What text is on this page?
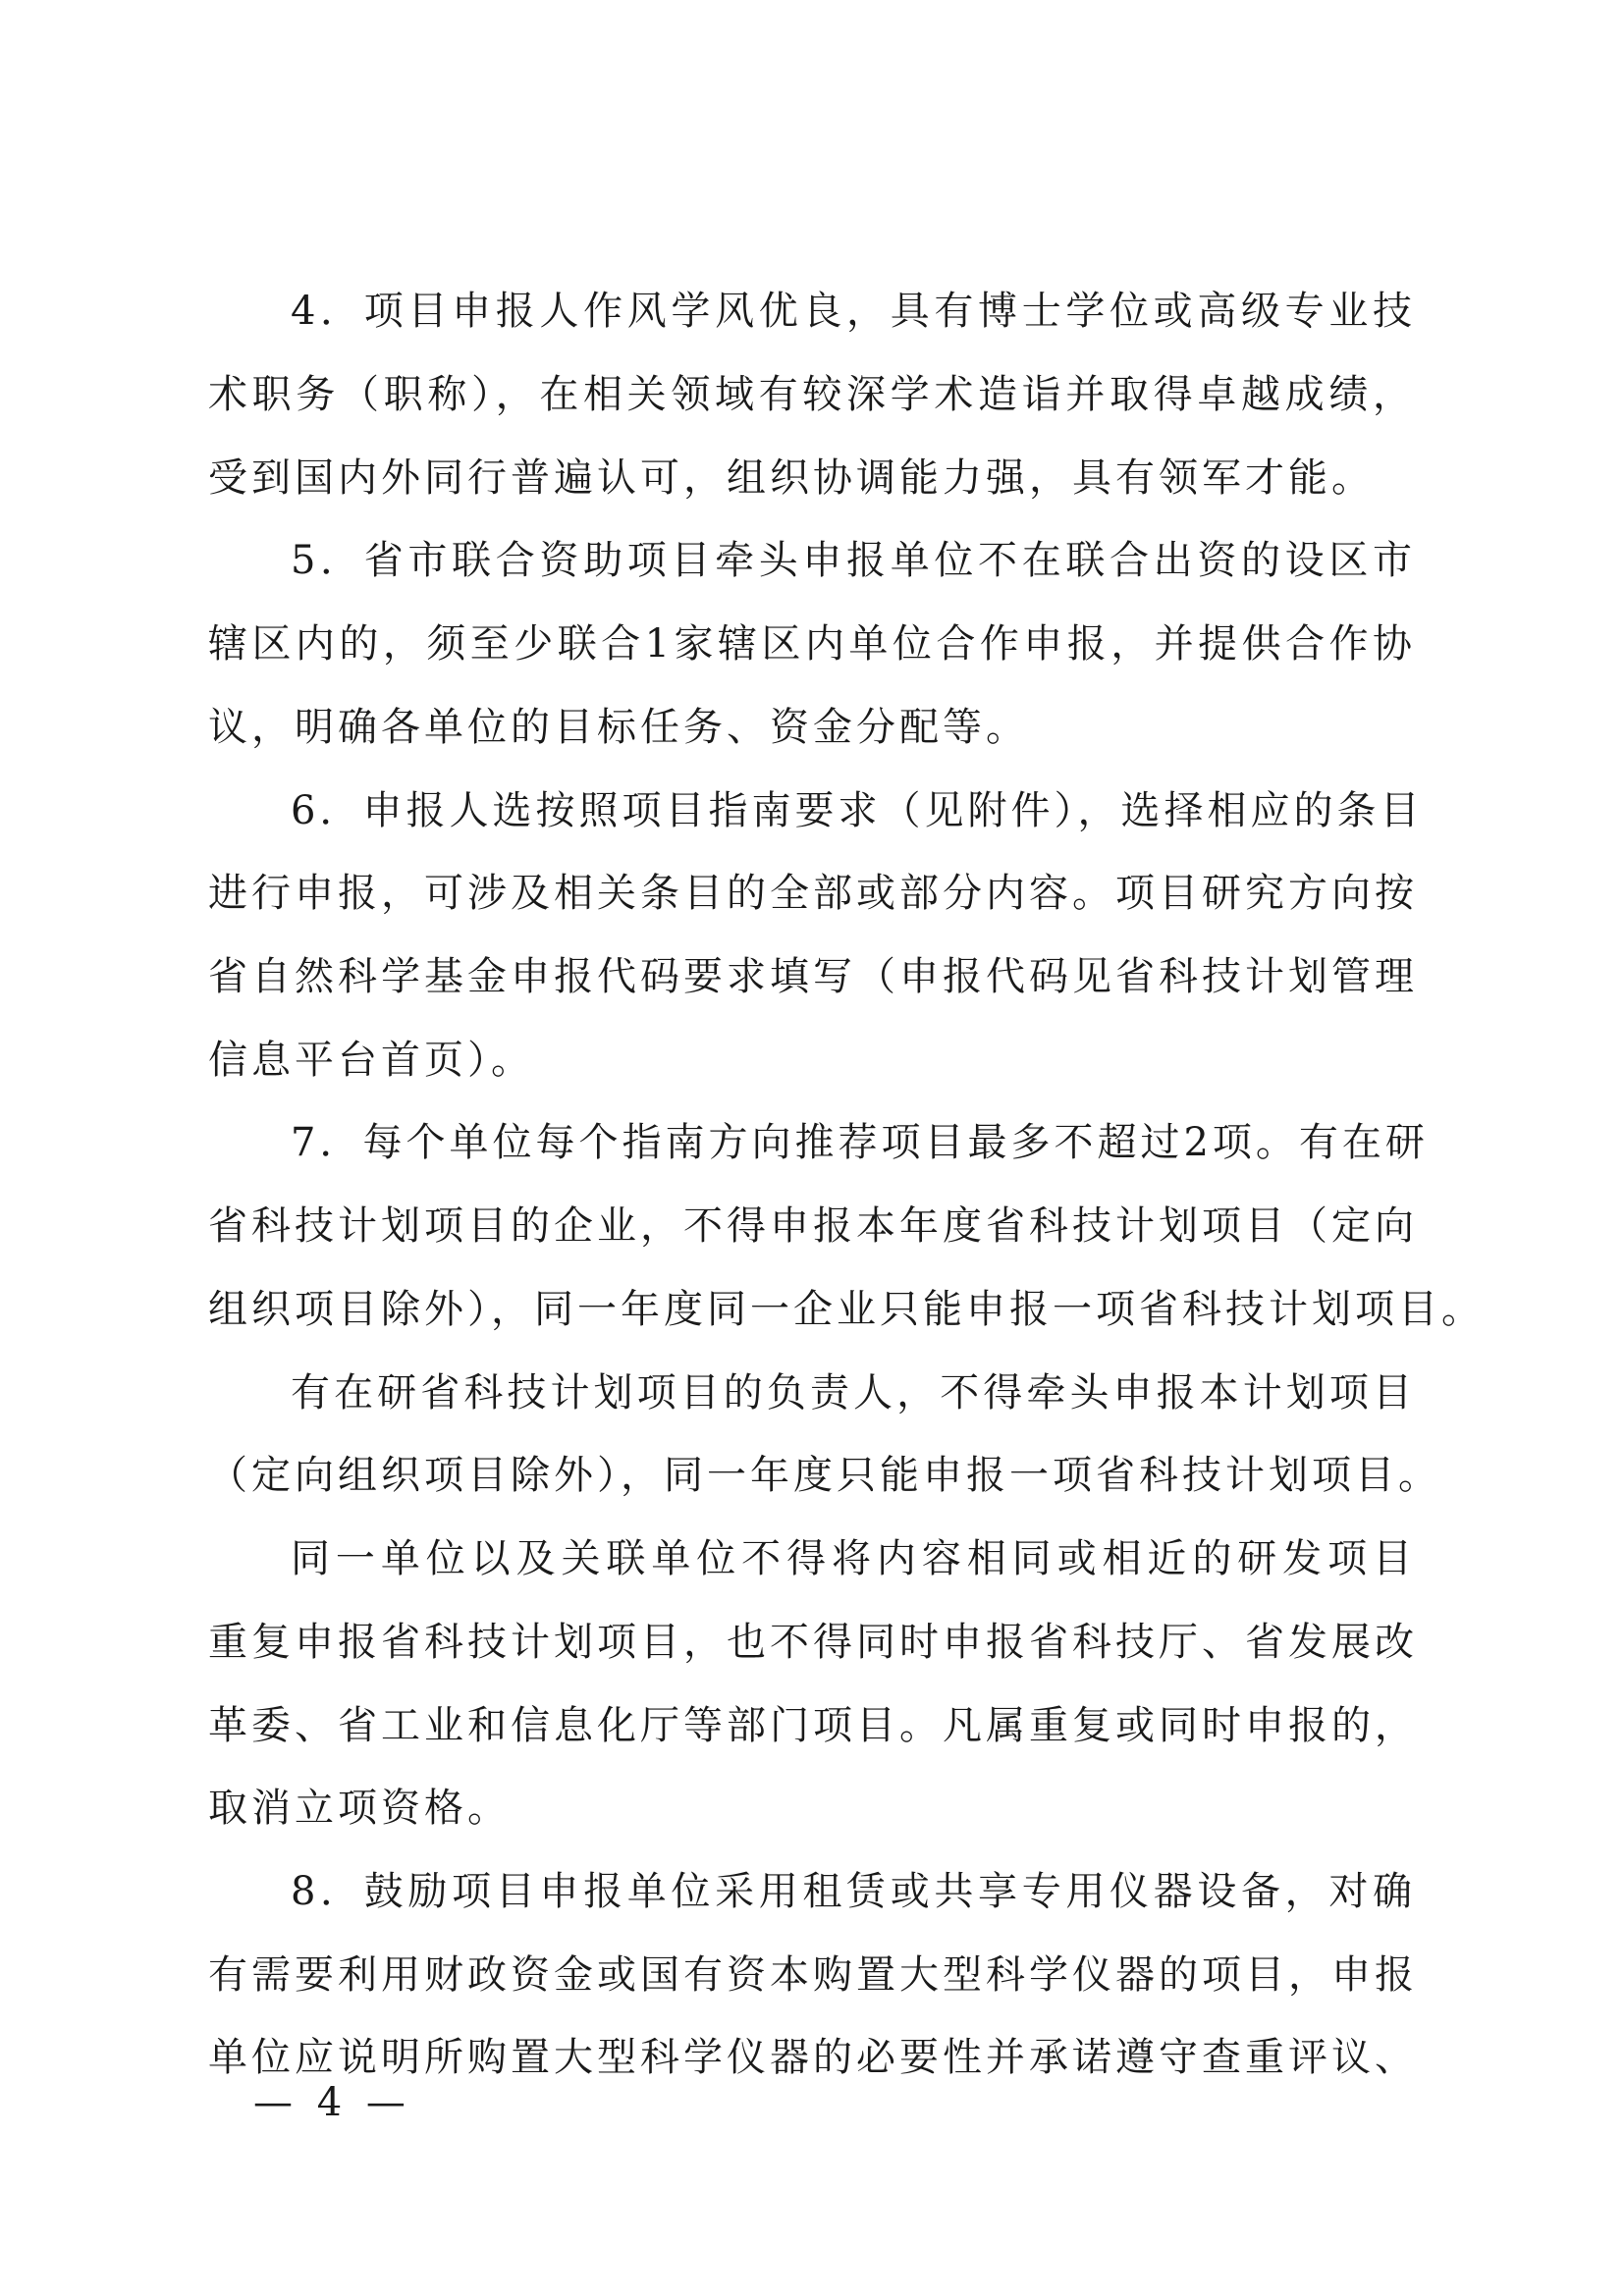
4．项目申报人作风学风优良，具有博士学位或高级专业技
术职务（职称），在相关领域有较深学术造诣并取得卓越成绩，
受到国内外同行普遍认可，组织协调能力强，具有领军才能。
5．省市联合资助项目牵头申报单位不在联合出资的设区市
辖区内的，须至少联合1家辖区内单位合作申报，并提供合作协
议，明确各单位的目标任务、资金分配等。
6．申报人选按照项目指南要求（见附件），选择相应的条目
进行申报，可涉及相关条目的全部或部分内容。项目研究方向按
省自然科学基金申报代码要求填写（申报代码见省科技计划管理
信息平台首页）。
7．每个单位每个指南方向推荐项目最多不超过2项。有在研
省科技计划项目的企业，不得申报本年度省科技计划项目（定向
组织项目除外），同一年度同一企业只能申报一项省科技计划项目。
有在研省科技计划项目的负责人，不得牵头申报本计划项目
（定向组织项目除外），同一年度只能申报一项省科技计划项目。
同一单位以及关联单位不得将内容相同或相近的研发项目
重复申报省科技计划项目，也不得同时申报省科技厅、省发展改
革委、省工业和信息化厅等部门项目。凡属重复或同时申报的，
取消立项资格。
8．鼓励项目申报单位采用租赁或共享专用仪器设备，对确
有需要利用财政资金或国有资本购置大型科学仪器的项目，申报
单位应说明所购置大型科学仪器的必要性并承诺遵守查重评议、
— 4 —
